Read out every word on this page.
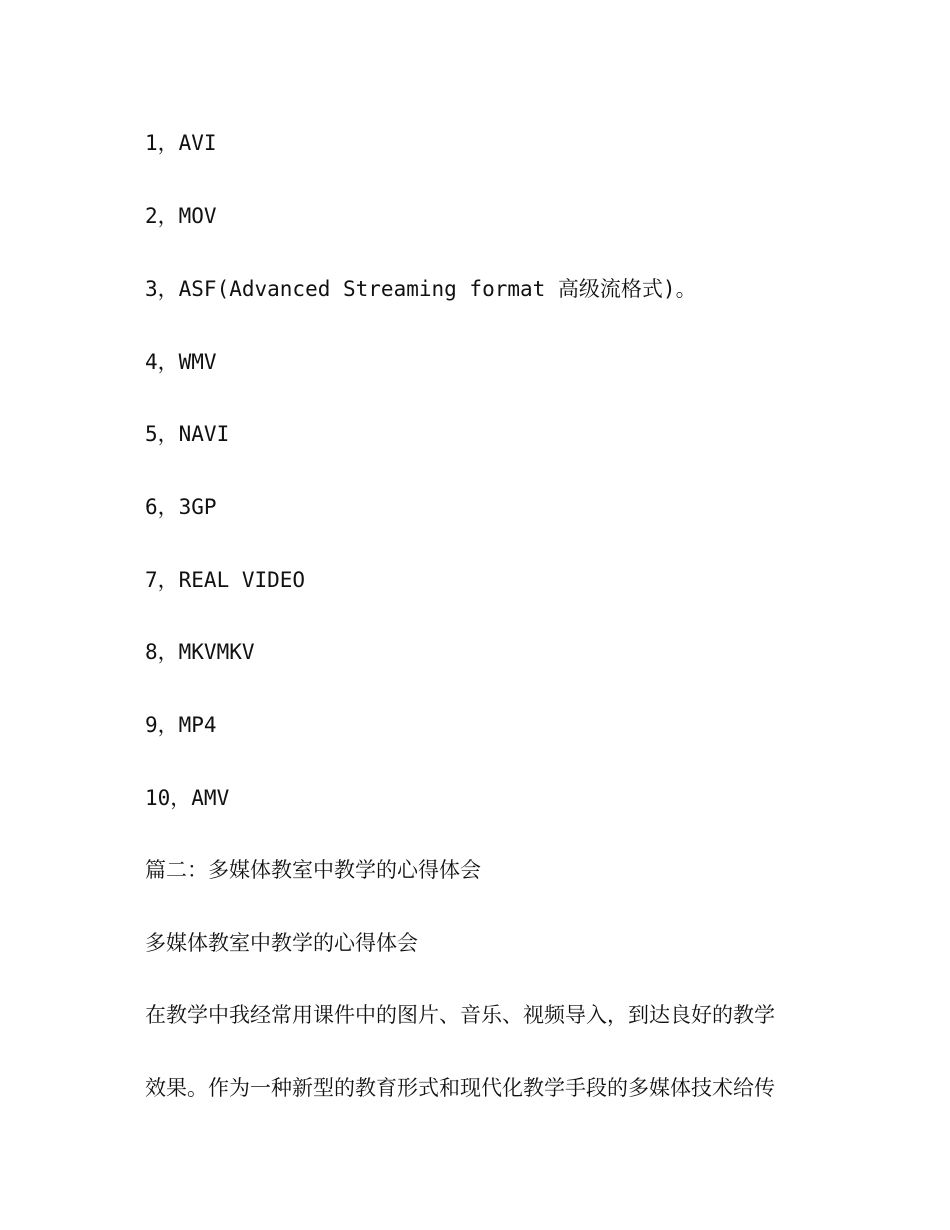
1，AVI
2，MOV
3，ASF(Advanced Streaming format 高级流格式)。
4，WMV
5，NAVI
6，3GP
7，REAL VIDEO
8，MKVMKV
9，MP4
10，AMV
篇二：多媒体教室中教学的心得体会
多媒体教室中教学的心得体会
在教学中我经常用课件中的图片、音乐、视频导入，到达良好的教学
效果。作为一种新型的教育形式和现代化教学手段的多媒体技术给传
